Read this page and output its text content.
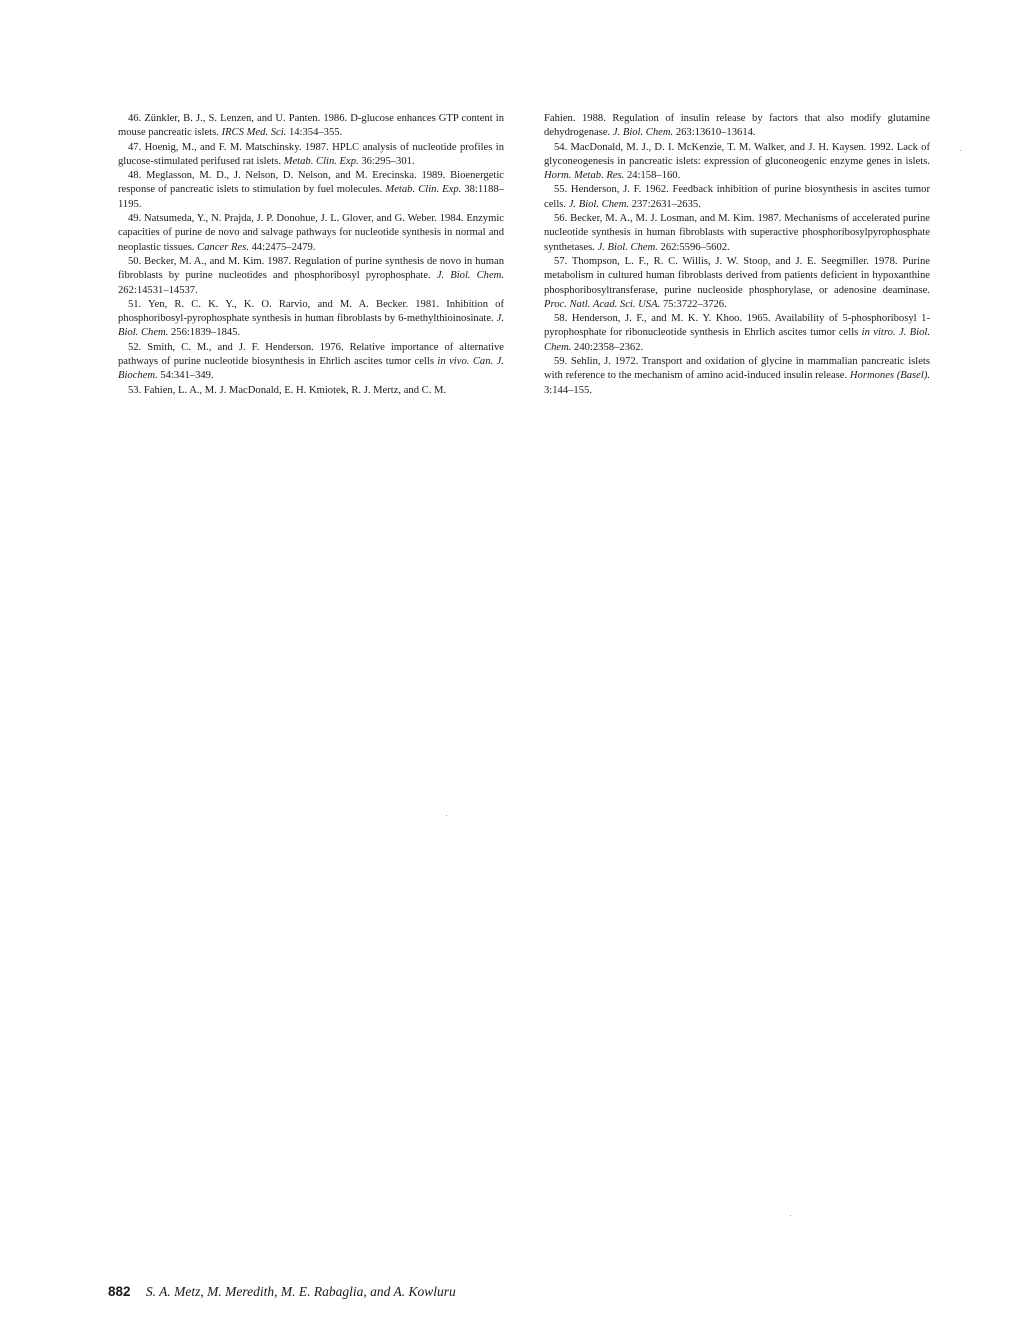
46. Zünkler, B. J., S. Lenzen, and U. Panten. 1986. D-glucose enhances GTP content in mouse pancreatic islets. IRCS Med. Sci. 14:354–355.

47. Hoenig, M., and F. M. Matschinsky. 1987. HPLC analysis of nucleotide profiles in glucose-stimulated perifused rat islets. Metab. Clin. Exp. 36:295–301.

48. Meglasson, M. D., J. Nelson, D. Nelson, and M. Erecinska. 1989. Bioenergetic response of pancreatic islets to stimulation by fuel molecules. Metab. Clin. Exp. 38:1188–1195.

49. Natsumeda, Y., N. Prajda, J. P. Donohue, J. L. Glover, and G. Weber. 1984. Enzymic capacities of purine de novo and salvage pathways for nucleotide synthesis in normal and neoplastic tissues. Cancer Res. 44:2475–2479.

50. Becker, M. A., and M. Kim. 1987. Regulation of purine synthesis de novo in human fibroblasts by purine nucleotides and phosphoribosyl pyrophosphate. J. Biol. Chem. 262:14531–14537.

51. Yen, R. C. K. Y., K. O. Rarvio, and M. A. Becker. 1981. Inhibition of phosphoribosyl-pyrophosphate synthesis in human fibroblasts by 6-methylthioinosinate. J. Biol. Chem. 256:1839–1845.

52. Smith, C. M., and J. F. Henderson. 1976. Relative importance of alternative pathways of purine nucleotide biosynthesis in Ehrlich ascites tumor cells in vivo. Can. J. Biochem. 54:341–349.

53. Fahien, L. A., M. J. MacDonald, E. H. Kmiotek, R. J. Mertz, and C. M.

Fahien. 1988. Regulation of insulin release by factors that also modify glutamine dehydrogenase. J. Biol. Chem. 263:13610–13614.

54. MacDonald, M. J., D. I. McKenzie, T. M. Walker, and J. H. Kaysen. 1992. Lack of glyconeogenesis in pancreatic islets: expression of gluconeogenic enzyme genes in islets. Horm. Metab. Res. 24:158–160.

55. Henderson, J. F. 1962. Feedback inhibition of purine biosynthesis in ascites tumor cells. J. Biol. Chem. 237:2631–2635.

56. Becker, M. A., M. J. Losman, and M. Kim. 1987. Mechanisms of accelerated purine nucleotide synthesis in human fibroblasts with superactive phosphoribosylpyrophosphate synthetases. J. Biol. Chem. 262:5596–5602.

57. Thompson, L. F., R. C. Willis, J. W. Stoop, and J. E. Seegmiller. 1978. Purine metabolism in cultured human fibroblasts derived from patients deficient in hypoxanthine phosphoribosyltransferase, purine nucleoside phosphorylase, or adenosine deaminase. Proc. Natl. Acad. Sci. USA. 75:3722–3726.

58. Henderson, J. F., and M. K. Y. Khoo. 1965. Availability of 5-phosphoribosyl 1-pyrophosphate for ribonucleotide synthesis in Ehrlich ascites tumor cells in vitro. J. Biol. Chem. 240:2358–2362.

59. Sehlin, J. 1972. Transport and oxidation of glycine in mammalian pancreatic islets with reference to the mechanism of amino acid-induced insulin release. Hormones (Basel). 3:144–155.

882 S. A. Metz, M. Meredith, M. E. Rabaglia, and A. Kowluru
